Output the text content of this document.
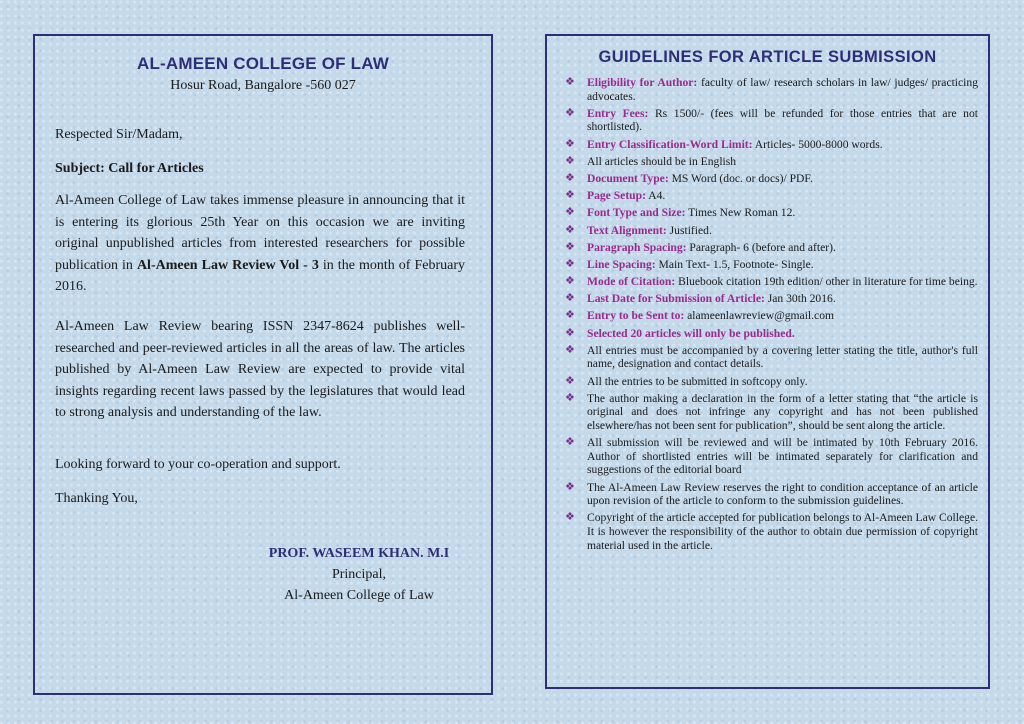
AL-AMEEN COLLEGE OF LAW
Hosur Road, Bangalore -560 027
Respected Sir/Madam,
Subject: Call for Articles

Al-Ameen College of Law takes immense pleasure in announcing that it is entering its glorious 25th Year on this occasion we are inviting original unpublished articles from interested researchers for possible publication in Al-Ameen Law Review Vol - 3 in the month of February 2016.

Al-Ameen Law Review bearing ISSN 2347-8624 publishes well-researched and peer-reviewed articles in all the areas of law. The articles published by Al-Ameen Law Review are expected to provide vital insights regarding recent laws passed by the legislatures that would lead to strong analysis and understanding of the law.

Looking forward to your co-operation and support.
Thanking You,
PROF. WASEEM KHAN. M.I
Principal,
Al-Ameen College of Law
GUIDELINES FOR ARTICLE SUBMISSION
❖ Eligibility for Author: faculty of law/ research scholars in law/ judges/ practicing advocates.
❖ Entry Fees: Rs 1500/- (fees will be refunded for those entries that are not shortlisted).
❖ Entry Classification-Word Limit: Articles- 5000-8000 words.
❖ All articles should be in English
❖ Document Type: MS Word (doc. or docs)/ PDF.
❖ Page Setup: A4.
❖ Font Type and Size: Times New Roman 12.
❖ Text Alignment: Justified.
❖ Paragraph Spacing: Paragraph- 6 (before and after).
❖ Line Spacing: Main Text- 1.5, Footnote- Single.
❖ Mode of Citation: Bluebook citation 19th edition/ other in literature for time being.
❖ Last Date for Submission of Article: Jan 30th 2016.
❖ Entry to be Sent to: alameenlawreview@gmail.com
❖ Selected 20 articles will only be published.
❖ All entries must be accompanied by a covering letter stating the title, author's full name, designation and contact details.
❖ All the entries to be submitted in softcopy only.
❖ The author making a declaration in the form of a letter stating that “the article is original and does not infringe any copyright and has not been published elsewhere/has not been sent for publication”, should be sent along the article.
❖ All submission will be reviewed and will be intimated by 10th February 2016. Author of shortlisted entries will be intimated separately for clarification and suggestions of the editorial board
❖ The Al-Ameen Law Review reserves the right to condition acceptance of an article upon revision of the article to conform to the submission guidelines.
❖ Copyright of the article accepted for publication belongs to Al-Ameen Law College. It is however the responsibility of the author to obtain due permission of copyright material used in the article.
